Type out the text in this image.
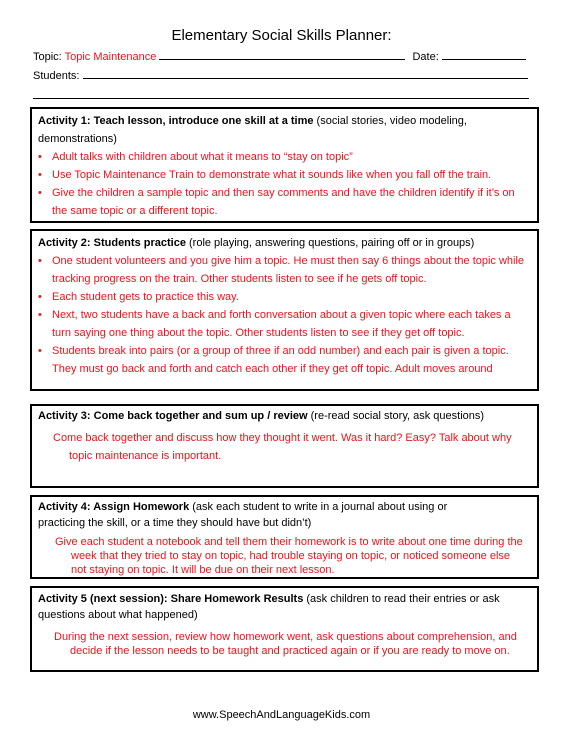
Elementary Social Skills Planner:
Topic: Topic Maintenance	Date:
Students:
Activity 1: Teach lesson, introduce one skill at a time (social stories, video modeling, demonstrations)
• Adult talks with children about what it means to “stay on topic”
• Use Topic Maintenance Train to demonstrate what it sounds like when you fall off the train.
• Give the children a sample topic and then say comments and have the children identify if it’s on the same topic or a different topic.
Activity 2: Students practice (role playing, answering questions, pairing off or in groups)
• One student volunteers and you give him a topic. He must then say 6 things about the topic while tracking progress on the train. Other students listen to see if he gets off topic.
• Each student gets to practice this way.
• Next, two students have a back and forth conversation about a given topic where each takes a turn saying one thing about the topic. Other students listen to see if they get off topic.
• Students break into pairs (or a group of three if an odd number) and each pair is given a topic. They must go back and forth and catch each other if they get off topic. Adult moves around
Activity 3: Come back together and sum up / review (re-read social story, ask questions)
Come back together and discuss how they thought it went. Was it hard? Easy? Talk about why topic maintenance is important.
Activity 4: Assign Homework (ask each student to write in a journal about using or practicing the skill, or a time they should have but didn’t)
Give each student a notebook and tell them their homework is to write about one time during the week that they tried to stay on topic, had trouble staying on topic, or noticed someone else not staying on topic. It will be due on their next lesson.
Activity 5 (next session): Share Homework Results (ask children to read their entries or ask questions about what happened)
During the next session, review how homework went, ask questions about comprehension, and decide if the lesson needs to be taught and practiced again or if you are ready to move on.
www.SpeechAndLanguageKids.com
